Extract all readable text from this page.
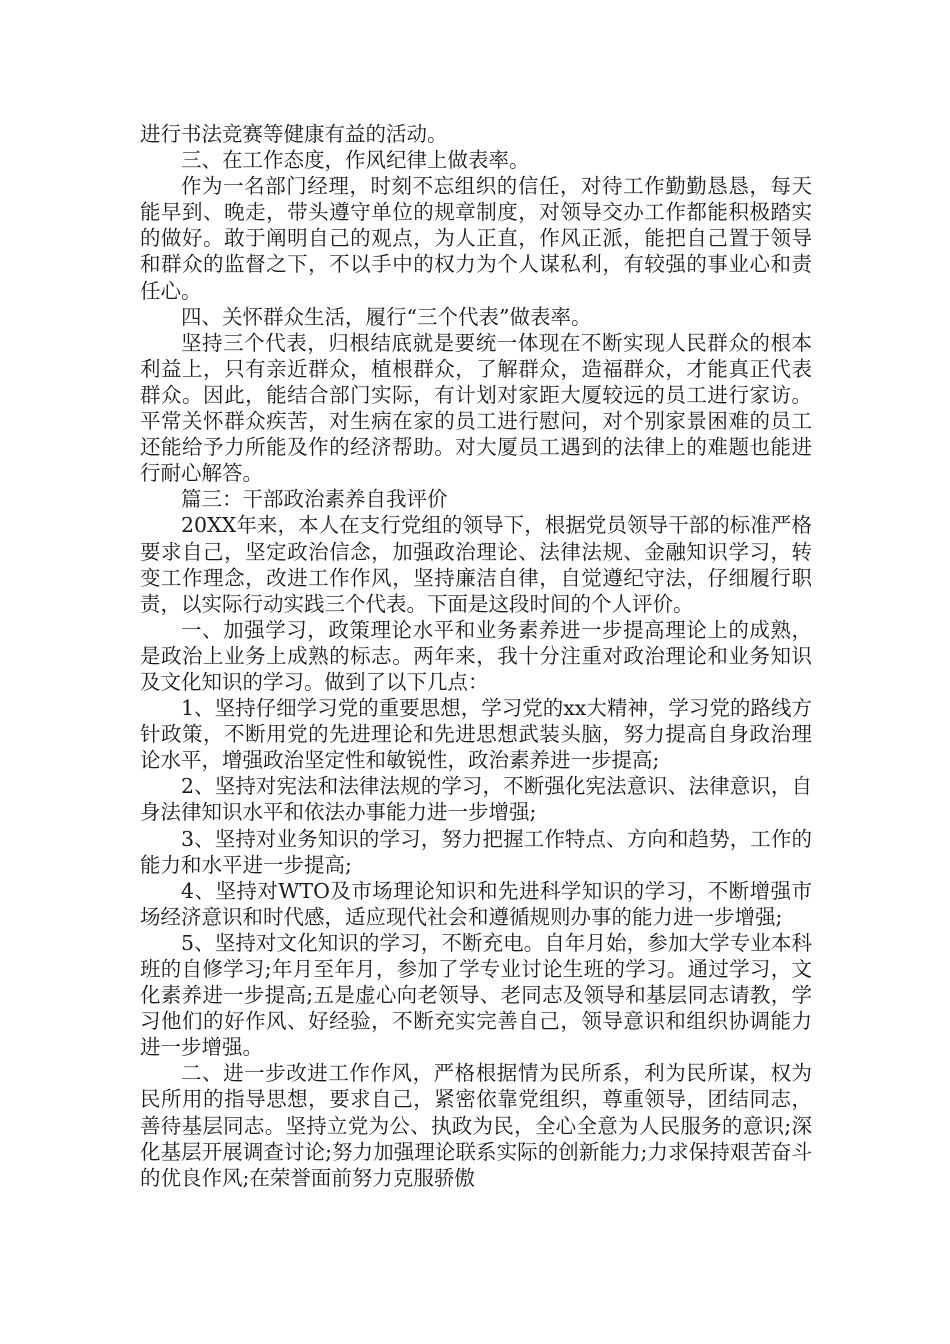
进行书法竞赛等健康有益的活动。

三、在工作态度，作风纪律上做表率。

作为一名部门经理，时刻不忘组织的信任，对待工作勤勤恳恳，每天能早到、晚走，带头遵守单位的规章制度，对领导交办工作都能积极踏实的做好。敢于阐明自己的观点，为人正直，作风正派，能把自己置于领导和群众的监督之下，不以手中的权力为个人谋私利，有较强的事业心和责任心。

四、关怀群众生活，履行“三个代表”做表率。

坚持三个代表，归根结底就是要统一体现在不断实现人民群众的根本利益上，只有亲近群众，植根群众，了解群众，造福群众，才能真正代表群众。因此，能结合部门实际，有计划对家距大厦较远的员工进行家访。平常关怀群众疾苦，对生病在家的员工进行慰问，对个别家景困难的员工还能给予力所能及作的经济帮助。对大厦员工遇到的法律上的难题也能进行耐心解答。

篇三：干部政治素养自我评价

20XX年来，本人在支行党组的领导下，根据党员领导干部的标准严格要求自己，坚定政治信念，加强政治理论、法律法规、金融知识学习，转变工作理念，改进工作作风，坚持廉洁自律，自觉遵纪守法，仔细履行职责，以实际行动实践三个代表。下面是这段时间的个人评价。

一、加强学习，政策理论水平和业务素养进一步提高理论上的成熟，是政治上业务上成熟的标志。两年来，我十分注重对政治理论和业务知识及文化知识的学习。做到了以下几点：

1、坚持仔细学习党的重要思想，学习党的xx大精神，学习党的路线方针政策，不断用党的先进理论和先进思想武装头脑，努力提高自身政治理论水平，增强政治坚定性和敏锐性，政治素养进一步提高;

2、坚持对宪法和法律法规的学习，不断强化宪法意识、法律意识，自身法律知识水平和依法办事能力进一步增强;

3、坚持对业务知识的学习，努力把握工作特点、方向和趋势，工作的能力和水平进一步提高;

4、坚持对WTO及市场理论知识和先进科学知识的学习，不断增强市场经济意识和时代感，适应现代社会和遵循规则办事的能力进一步增强;

5、坚持对文化知识的学习，不断充电。自年月始，参加大学专业本科班的自修学习;年月至年月，参加了学专业讨论生班的学习。通过学习，文化素养进一步提高;五是虚心向老领导、老同志及领导和基层同志请教，学习他们的好作风、好经验，不断充实完善自己，领导意识和组织协调能力进一步增强。

二、进一步改进工作作风，严格根据情为民所系，利为民所谋，权为民所用的指导思想，要求自己，紧密依靠党组织，尊重领导，团结同志，善待基层同志。坚持立党为公、执政为民，全心全意为人民服务的意识;深化基层开展调查讨论;努力加强理论联系实际的创新能力;力求保持艰苦奋斗的优良作风;在荣誉面前努力克服骄傲
